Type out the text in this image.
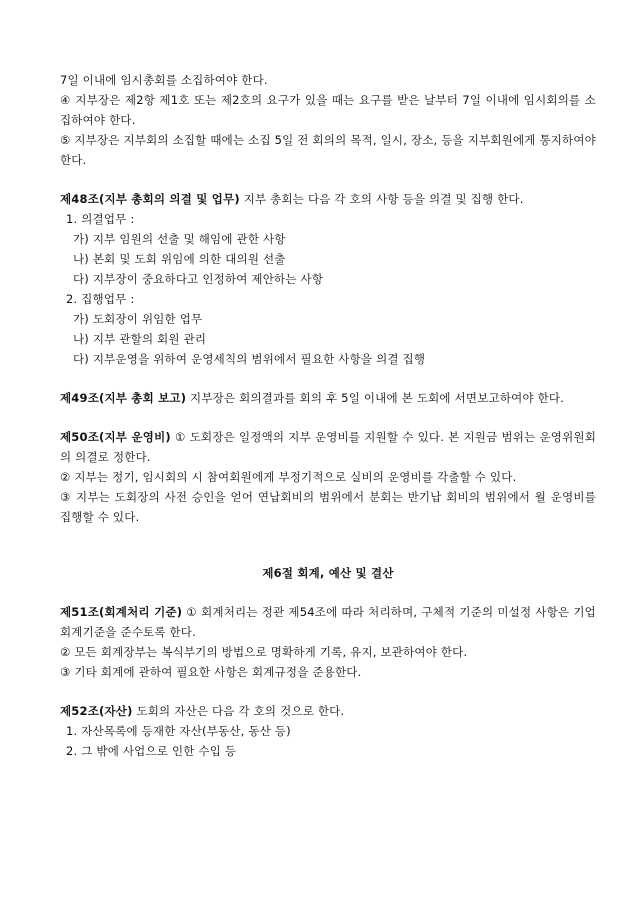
7일 이내에 임시총회를 소집하여야 한다.

④ 지부장은 제2항 제1호 또는 제2호의 요구가 있을 때는 요구를 받은 날부터 7일 이내에 임시회의를 소집하여야 한다.

⑤ 지부장은 지부회의 소집할 때에는 소집 5일 전 회의의 목적, 일시, 장소, 등을 지부회원에게 통지하여야 한다.

제48조(지부 총회의 의결 및 업무) 지부 총회는 다음 각 호의 사항 등을 의결 및 집행 한다.

1. 의결업무 :

가) 지부 임원의 선출 및 해임에 관한 사항

나) 본회 및 도회 위임에 의한 대의원 선출

다) 지부장이 중요하다고 인정하여 제안하는 사항

2. 집행업무 :

가) 도회장이 위임한 업무

나) 지부 관할의 회원 관리

다) 지부운영을 위하여 운영세칙의 범위에서 필요한 사항을 의결 집행

제49조(지부 총회 보고) 지부장은 회의결과를 회의 후 5일 이내에 본 도회에 서면보고하여야 한다.

제50조(지부 운영비) ① 도회장은 일정액의 지부 운영비를 지원할 수 있다. 본 지원금 범위는 운영위원회의 의결로 정한다.

② 지부는 정기, 임시회의 시 참여회원에게 부정기적으로 실비의 운영비를 각출할 수 있다.

③ 지부는 도회장의 사전 승인을 얻어 연납회비의 범위에서 분회는 반기납 회비의 범위에서 월 운영비를 집행할 수 있다.

제6절 회계, 예산 및 결산

제51조(회계처리 기준) ① 회계처리는 정관 제54조에 따라 처리하며, 구체적 기준의 미설정 사항은 기업회계기준을 준수토록 한다.

② 모든 회계장부는 복식부기의 방법으로 명확하게 기록, 유지, 보관하여야 한다.

③ 기타 회계에 관하여 필요한 사항은 회계규정을 준용한다.

제52조(자산) 도회의 자산은 다음 각 호의 것으로 한다.

1. 자산목록에 등재한 자산(부동산, 동산 등)

2. 그 밖에 사업으로 인한 수입 등
